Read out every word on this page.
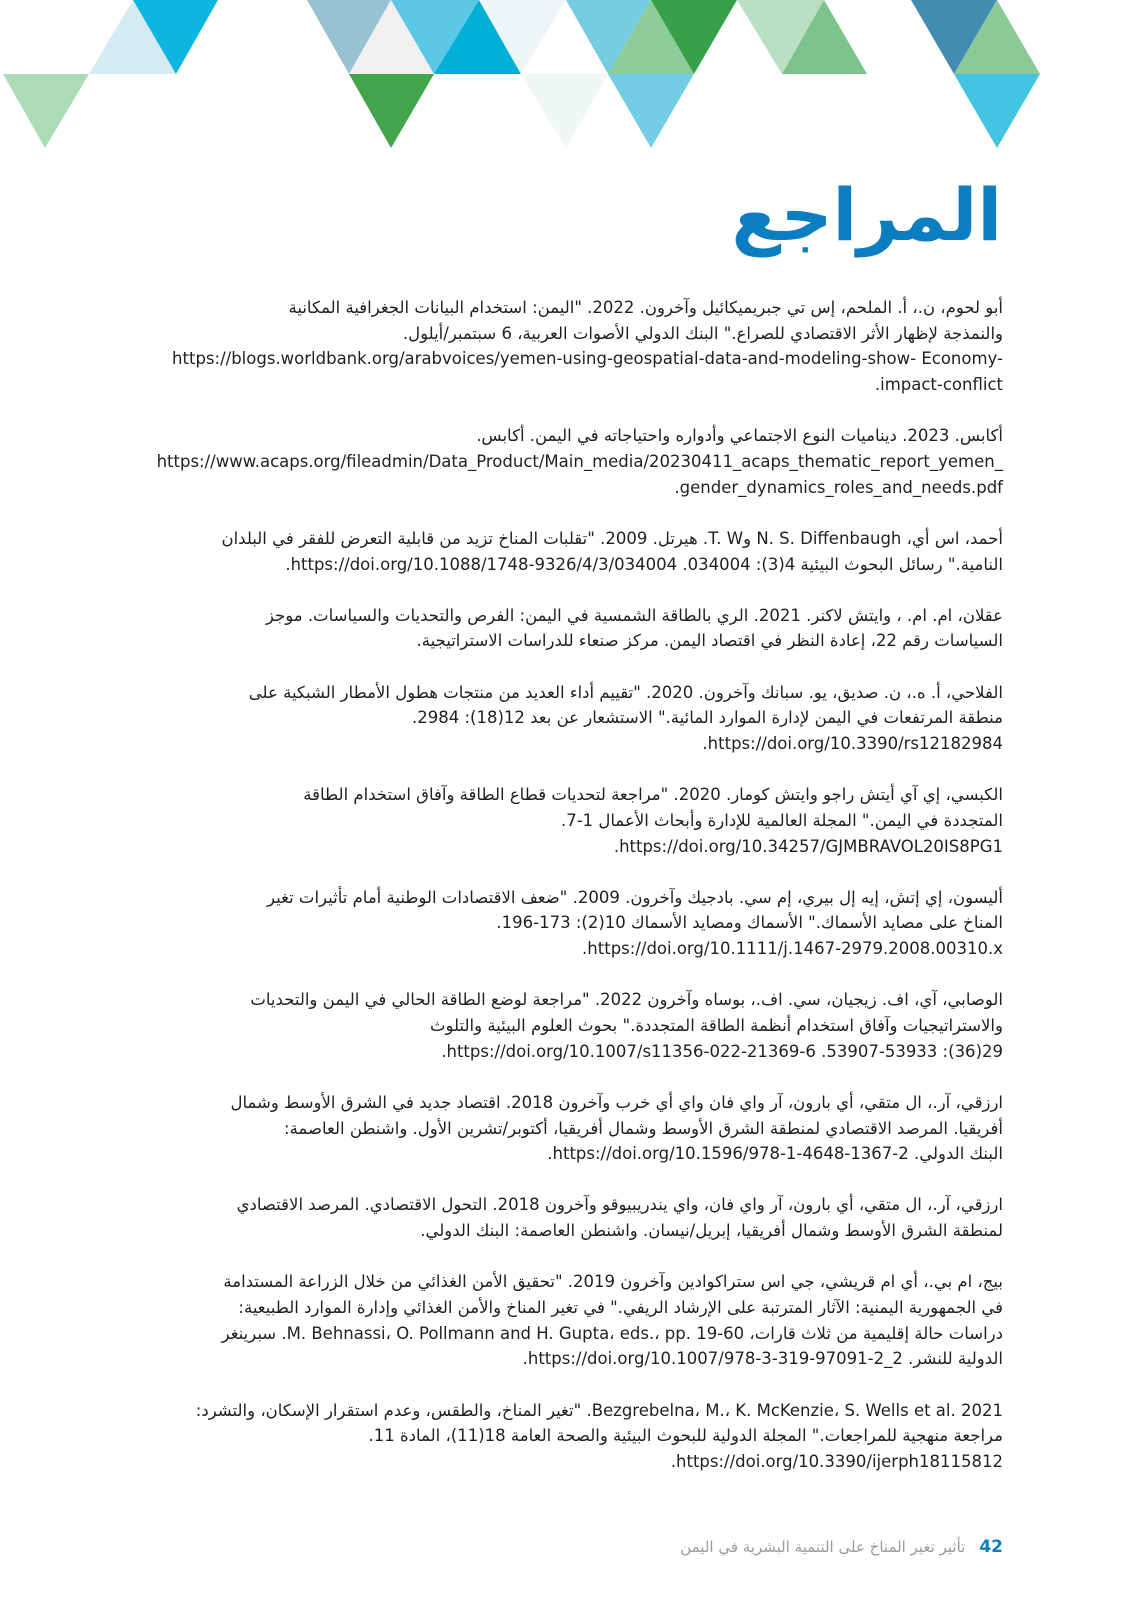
المراجع
أبو لحوم، ن.، أ. الملحم، إس تي جبريميكائيل وآخرون. 2022. "اليمن: استخدام البيانات الجغرافية المكانية
والنمذجة لإظهار الأثر الاقتصادي للصراع." البنك الدولي الأصوات العربية، 6 سبتمبر/أيلول.
https://blogs.worldbank.org/arabvoices/yemen-using-geospatial-data-and-modeling-show- Economy-
impact-conflict.
أكابس. 2023. ديناميات النوع الاجتماعي وأدواره واحتياجاته في اليمن. أكابس.
https://www.acaps.org/fileadmin/Data_Product/Main_media/20230411_acaps_thematic_report_yemen_
gender_dynamics_roles_and_needs.pdf.
أحمد، اس أي، N. S. Diffenbaugh وT. W. هيرتل. 2009. "تقلبات المناخ تزيد من قابلية التعرض للفقر في البلدان
النامية." رسائل البحوث البيئية 4(3): 034004. https://doi.org/10.1088/1748-9326/4/3/034004.
عقلان، ام. ام. ، وايتش لاكنر. 2021. الري بالطاقة الشمسية في اليمن: الفرص والتحديات والسياسات. موجز
السياسات رقم 22، إعادة النظر في اقتصاد اليمن. مركز صنعاء للدراسات الاستراتيجية.
الفلاحي، أ. ه.، ن. صديق، يو. سبانك وآخرون. 2020. "تقييم أداء العديد من منتجات هطول الأمطار الشبكية على
منطقة المرتفعات في اليمن لإدارة الموارد المائية." الاستشعار عن بعد 12(18): 2984.
https://doi.org/10.3390/rs12182984.
الكبسي، إي آي أيتش راجو وايتش كومار. 2020. "مراجعة لتحديات قطاع الطاقة وآفاق استخدام الطاقة
المتجددة في اليمن." المجلة العالمية للإدارة وأبحاث الأعمال 1-7.
https://doi.org/10.34257/GJMBRAVOL20IS8PG1.
أليسون، إي إتش، إيه إل بيري، إم سي. بادجيك وآخرون. 2009. "ضعف الاقتصادات الوطنية أمام تأثيرات تغير
المناخ على مصايد الأسماك." الأسماك ومصايد الأسماك 10(2): 173-196.
https://doi.org/10.1111/j.1467-2979.2008.00310.x.
الوصابي، آي، اف. زيجيان، سي. اف.، بوساه وآخرون 2022. "مراجعة لوضع الطاقة الحالي في اليمن والتحديات
والاستراتيجيات وآفاق استخدام أنظمة الطاقة المتجددة." بحوث العلوم البيئية والتلوث
29(36): 53907-53933. https://doi.org/10.1007/s11356-022-21369-6.
ارزقي، آر.، ال متقي، أي بارون، آر واي فان واي أي خرب وآخرون 2018. اقتصاد جديد في الشرق الأوسط وشمال
أفريقيا. المرصد الاقتصادي لمنطقة الشرق الأوسط وشمال أفريقيا، أكتوبر/تشرين الأول. واشنطن العاصمة:
البنك الدولي. https://doi.org/10.1596/978-1-4648-1367-2.
ارزقي، آر.، ال متقي، أي بارون، آر واي فان، واي يندريبيوقو وآخرون 2018. التحول الاقتصادي. المرصد الاقتصادي
لمنطقة الشرق الأوسط وشمال أفريقيا، إبريل/نيسان. واشنطن العاصمة: البنك الدولي.
بيج، ام بي.، أي ام قريشي، جي اس ستراكوادين وآخرون 2019. "تحقيق الأمن الغذائي من خلال الزراعة المستدامة
في الجمهورية اليمنية: الآثار المترتبة على الإرشاد الريفي." في تغير المناخ والأمن الغذائي وإدارة الموارد الطبيعية:
دراسات حالة إقليمية من ثلاث قارات، M. Behnassi، O. Pollmann and H. Gupta، eds.، pp. 19-60. سبرينغر
الدولية للنشر. https://doi.org/10.1007/978-3-319-97091-2_2.
Bezgrebelna، M.، K. McKenzie، S. Wells et al. 2021. "تغير المناخ، والطقس، وعدم استقرار الإسكان، والتشرد:
مراجعة منهجية للمراجعات." المجلة الدولية للبحوث البيئية والصحة العامة 18(11)، المادة 11.
https://doi.org/10.3390/ijerph18115812.
42
تأثير تغير المناخ على التنمية البشرية في اليمن
